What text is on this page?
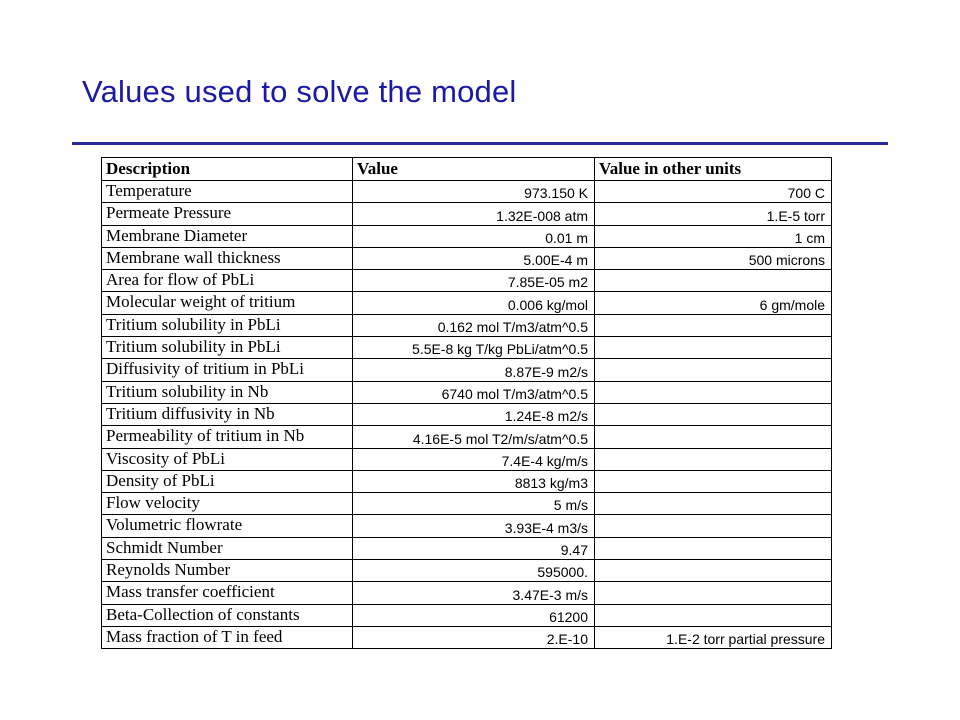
Values used to solve the model
Description	Value	Value in other units
Temperature	973.150 K	700 C
Permeate Pressure	1.32E-008 atm	1.E-5 torr
Membrane Diameter	0.01 m	1 cm
Membrane wall thickness	5.00E-4 m	500 microns
Area for flow of PbLi	7.85E-05 m2	
Molecular weight of tritium	0.006 kg/mol	6 gm/mole
Tritium solubility in PbLi	0.162 mol T/m3/atm^0.5	
Tritium solubility in PbLi	5.5E-8 kg T/kg PbLi/atm^0.5	
Diffusivity of tritium in PbLi	8.87E-9 m2/s	
Tritium solubility in Nb	6740 mol T/m3/atm^0.5	
Tritium diffusivity in Nb	1.24E-8 m2/s	
Permeability of tritium in Nb	4.16E-5 mol T2/m/s/atm^0.5	
Viscosity of PbLi	7.4E-4 kg/m/s	
Density of PbLi	8813 kg/m3	
Flow velocity	5 m/s	
Volumetric flowrate	3.93E-4 m3/s	
Schmidt Number	9.47	
Reynolds Number	595000.	
Mass transfer coefficient	3.47E-3 m/s	
Beta-Collection of constants	61200	
Mass fraction of T in feed	2.E-10	1.E-2 torr partial pressure
